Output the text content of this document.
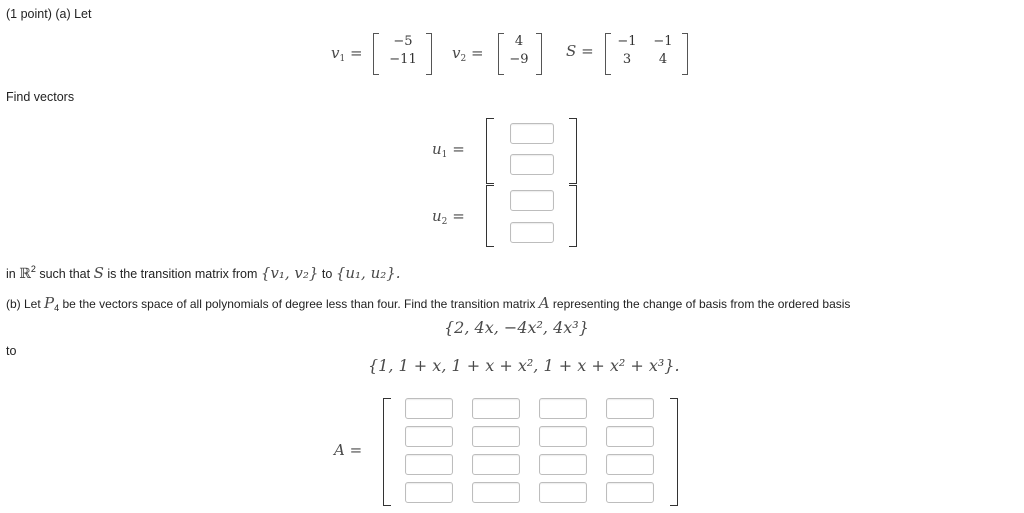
(1 point) (a) Let
$v_1$ =
−5
−11	$v_2$ =
4
−9	S =
−1	−1
3	4
Find vectors
$u_1$ =
$u_2$ =
in ℝ$^2$ such that S is the transition matrix from {v₁, v₂} to {u₁, u₂}.
(b) Let $P_4$ be the vectors space of all polynomials of degree less than four. Find the transition matrix A representing the change of basis from the ordered basis
{2, 4x, −4x², 4x³}
to
{1, 1 + x, 1 + x + x², 1 + x + x² + x³}.
A =
